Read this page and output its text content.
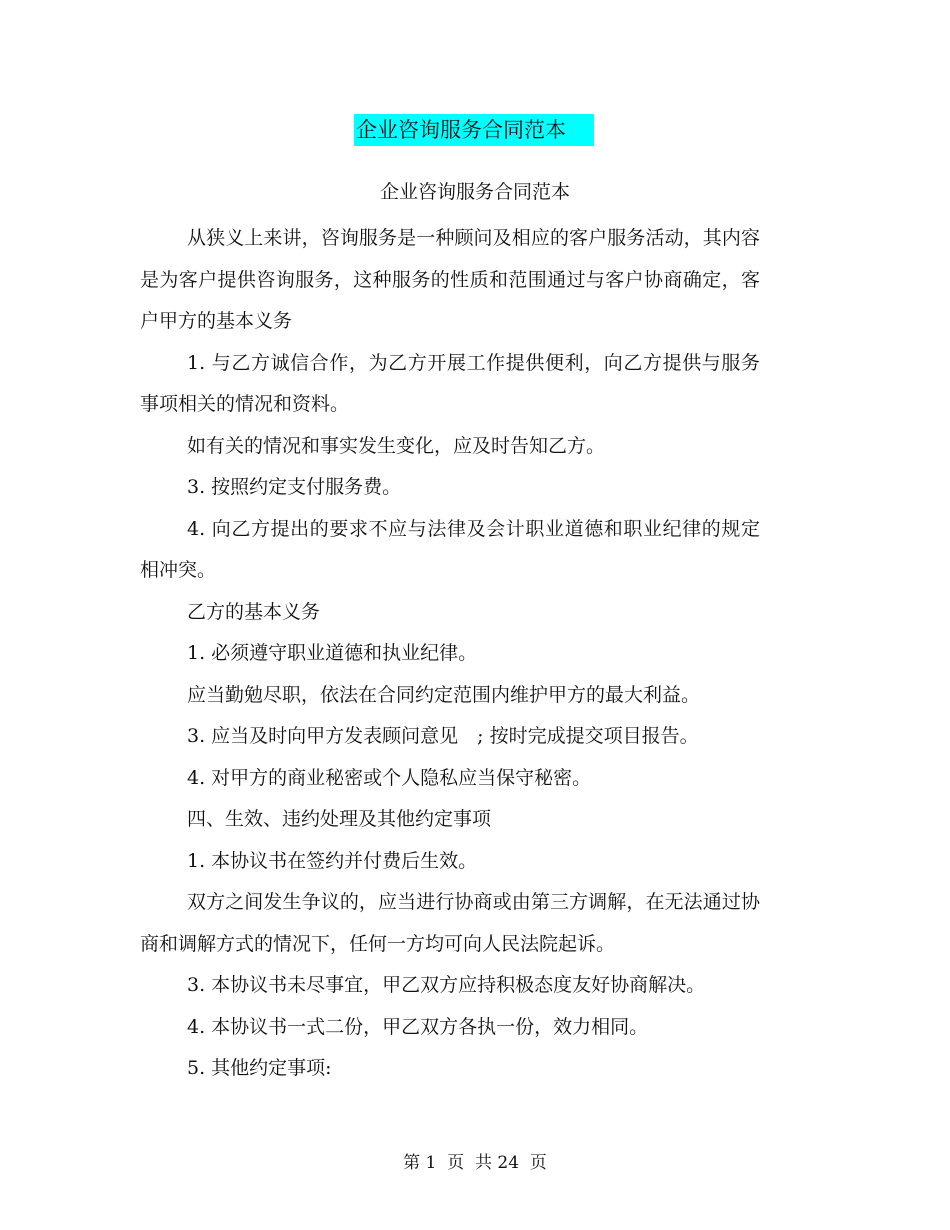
企业咨询服务合同范本
企业咨询服务合同范本

从狭义上来讲，咨询服务是一种顾问及相应的客户服务活动，其内容是为客户提供咨询服务，这种服务的性质和范围通过与客户协商确定，客户甲方的基本义务

1. 与乙方诚信合作，为乙方开展工作提供便利，向乙方提供与服务事项相关的情况和资料。

如有关的情况和事实发生变化，应及时告知乙方。

3. 按照约定支付服务费。

4. 向乙方提出的要求不应与法律及会计职业道德和职业纪律的规定相冲突。

乙方的基本义务

1. 必须遵守职业道德和执业纪律。

应当勤勉尽职，依法在合同约定范围内维护甲方的最大利益。

3. 应当及时向甲方发表顾问意见　; 按时完成提交项目报告。

4. 对甲方的商业秘密或个人隐私应当保守秘密。

四、生效、违约处理及其他约定事项

1. 本协议书在签约并付费后生效。

双方之间发生争议的，应当进行协商或由第三方调解，在无法通过协商和调解方式的情况下，任何一方均可向人民法院起诉。

3. 本协议书未尽事宜，甲乙双方应持积极态度友好协商解决。

4. 本协议书一式二份，甲乙双方各执一份，效力相同。

5. 其他约定事项:

第 1  页  共 24  页
